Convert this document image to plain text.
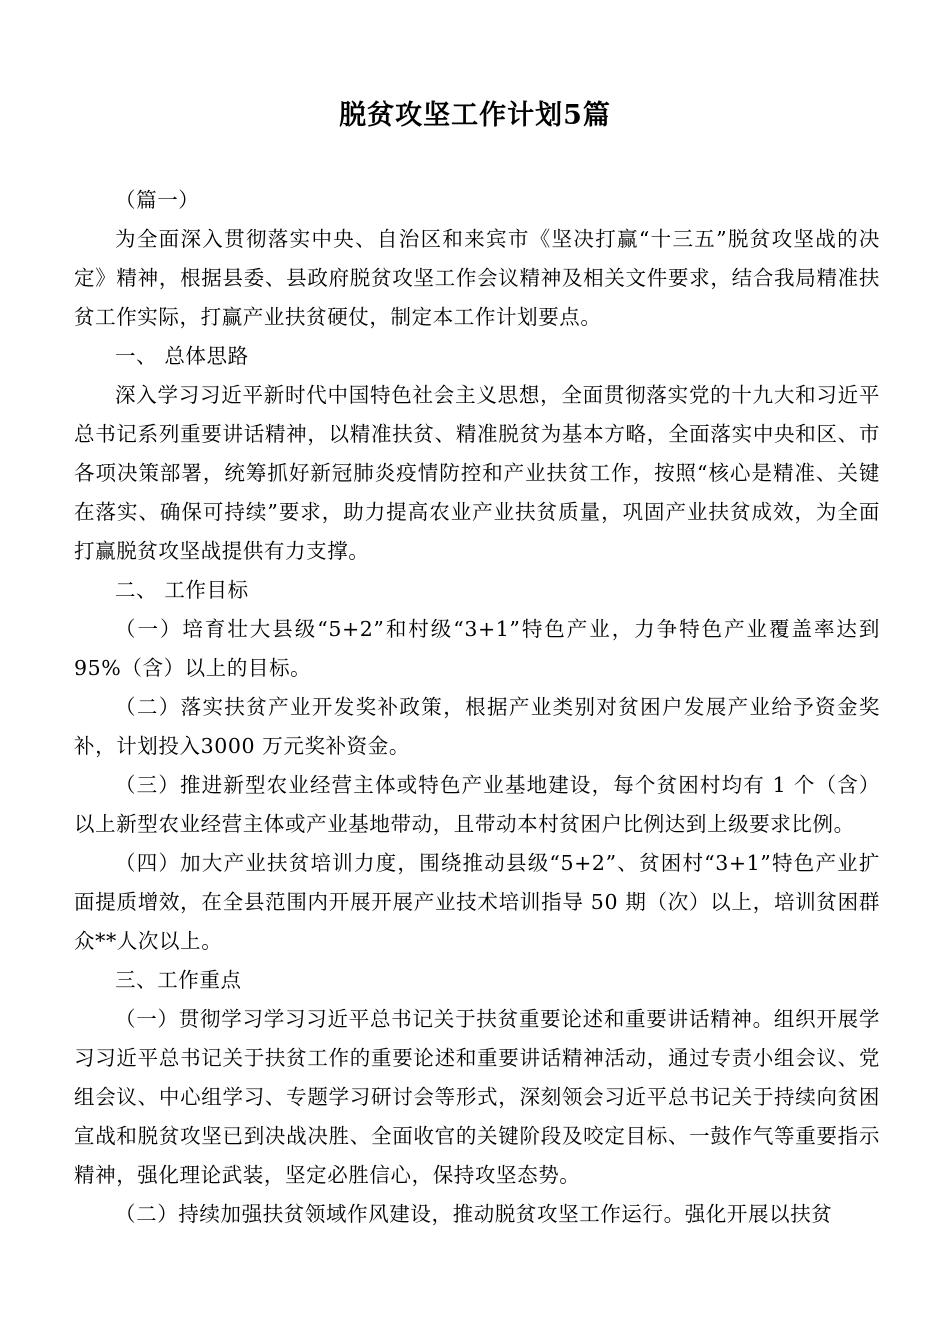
脱贫攻坚工作计划5篇

（篇一）

为全面深入贯彻落实中央、自治区和来宾市《坚决打赢“十三五”脱贫攻坚战的决定》精神，根据县委、县政府脱贫攻坚工作会议精神及相关文件要求，结合我局精准扶贫工作实际，打赢产业扶贫硬仗，制定本工作计划要点。

一、 总体思路

深入学习习近平新时代中国特色社会主义思想，全面贯彻落实党的十九大和习近平总书记系列重要讲话精神，以精准扶贫、精准脱贫为基本方略，全面落实中央和区、市各项决策部署，统筹抓好新冠肺炎疫情防控和产业扶贫工作，按照“核心是精准、关键在落实、确保可持续”要求，助力提高农业产业扶贫质量，巩固产业扶贫成效，为全面打赢脱贫攻坚战提供有力支撑。

二、 工作目标

（一）培育壮大县级“5+2”和村级“3+1”特色产业，力争特色产业覆盖率达到95%（含）以上的目标。

（二）落实扶贫产业开发奖补政策，根据产业类别对贫困户发展产业给予资金奖补，计划投入3000 万元奖补资金。

（三）推进新型农业经营主体或特色产业基地建设，每个贫困村均有 1 个（含）以上新型农业经营主体或产业基地带动，且带动本村贫困户比例达到上级要求比例。

（四）加大产业扶贫培训力度，围绕推动县级“5+2”、贫困村“3+1”特色产业扩面提质增效，在全县范围内开展开展产业技术培训指导 50 期（次）以上，培训贫困群众**人次以上。

三、工作重点

（一）贯彻学习学习习近平总书记关于扶贫重要论述和重要讲话精神。组织开展学习习近平总书记关于扶贫工作的重要论述和重要讲话精神活动，通过专责小组会议、党组会议、中心组学习、专题学习研讨会等形式，深刻领会习近平总书记关于持续向贫困宣战和脱贫攻坚已到决战决胜、全面收官的关键阶段及咬定目标、一鼓作气等重要指示精神，强化理论武装，坚定必胜信心，保持攻坚态势。

（二）持续加强扶贫领域作风建设，推动脱贫攻坚工作运行。强化开展以扶贫
